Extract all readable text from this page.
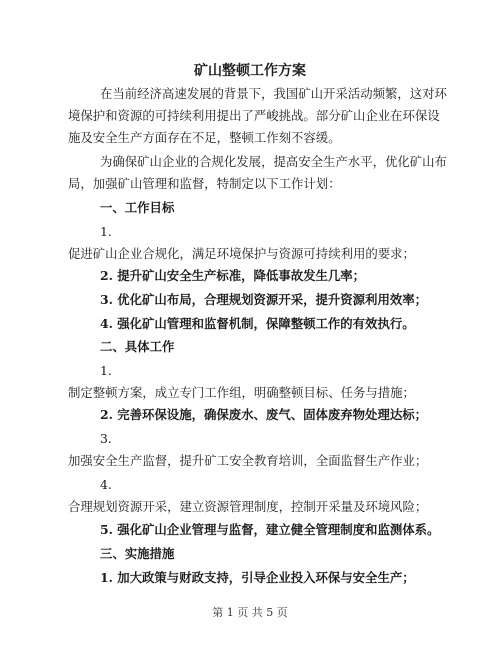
矿山整顿工作方案
在当前经济高速发展的背景下，我国矿山开采活动频繁，这对环
境保护和资源的可持续利用提出了严峻挑战。部分矿山企业在环保设
施及安全生产方面存在不足，整顿工作刻不容缓。
为确保矿山企业的合规化发展，提高安全生产水平，优化矿山布
局，加强矿山管理和监督，特制定以下工作计划：
一、工作目标
1.
促进矿山企业合规化，满足环境保护与资源可持续利用的要求；
2. 提升矿山安全生产标准，降低事故发生几率；
3. 优化矿山布局，合理规划资源开采，提升资源利用效率；
4. 强化矿山管理和监督机制，保障整顿工作的有效执行。
二、具体工作
1.
制定整顿方案，成立专门工作组，明确整顿目标、任务与措施；
2. 完善环保设施，确保废水、废气、固体废弃物处理达标；
3.
加强安全生产监督，提升矿工安全教育培训，全面监督生产作业；
4.
合理规划资源开采，建立资源管理制度，控制开采量及环境风险；
5. 强化矿山企业管理与监督，建立健全管理制度和监测体系。
三、实施措施
1. 加大政策与财政支持，引导企业投入环保与安全生产；
第 1 页 共 5 页
